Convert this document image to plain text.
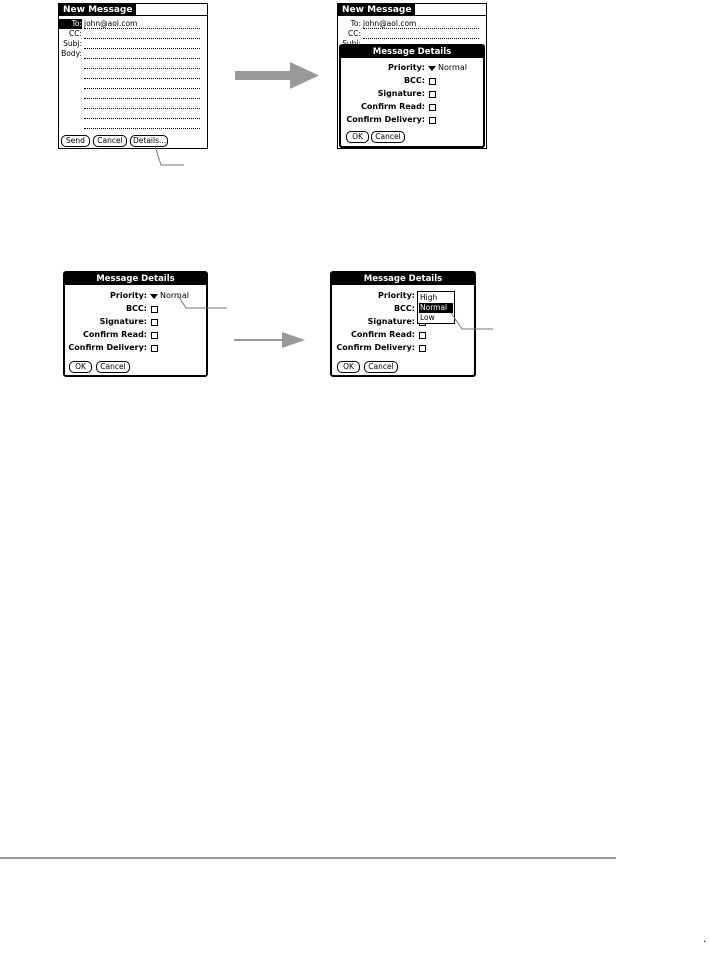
New Message
To: john@aol.com
CC:
Subj:
Body:
Send	Cancel	Details...
New Message
To: john@aol.com
CC:
Message Details
Priority: Normal
BCC:
Signature:
Confirm Read:
Confirm Delivery:
OK	Cancel
Message Details
Priority: Normal
BCC:
Signature:
Confirm Read:
Confirm Delivery:
OK	Cancel
Message Details
Priority:
BCC:
Signature:
Confirm Read:
Confirm Delivery:
OK	Cancel
High
Normal
Low
.
